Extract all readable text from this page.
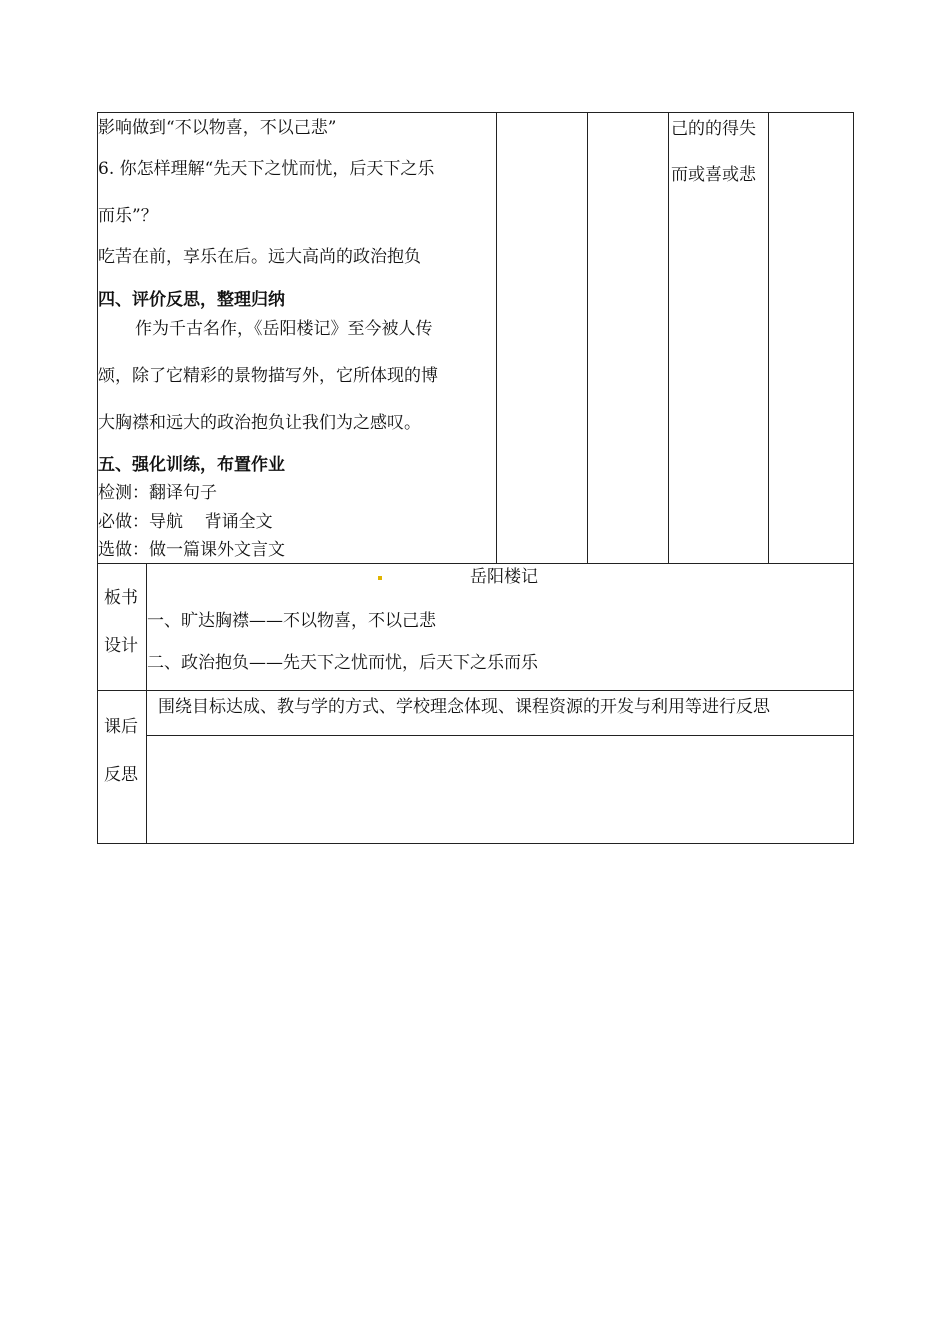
影响做到“不以物喜，不以己悲”
6. 你怎样理解“先天下之忧而忧，后天下之乐
而乐”？
吃苦在前，享乐在后。远大高尚的政治抱负
四、评价反思，整理归纳
作为千古名作，《岳阳楼记》至今被人传
颂，除了它精彩的景物描写外，它所体现的博
大胸襟和远大的政治抱负让我们为之感叹。
五、强化训练，布置作业
检测：翻译句子
必做：导航    背诵全文
选做：做一篇课外文言文
己的的得失
而或喜或悲
板书
设计
岳阳楼记
一、旷达胸襟——不以物喜，不以己悲
二、政治抱负——先天下之忧而忧，后天下之乐而乐
课后
反思
围绕目标达成、教与学的方式、学校理念体现、课程资源的开发与利用等进行反思
